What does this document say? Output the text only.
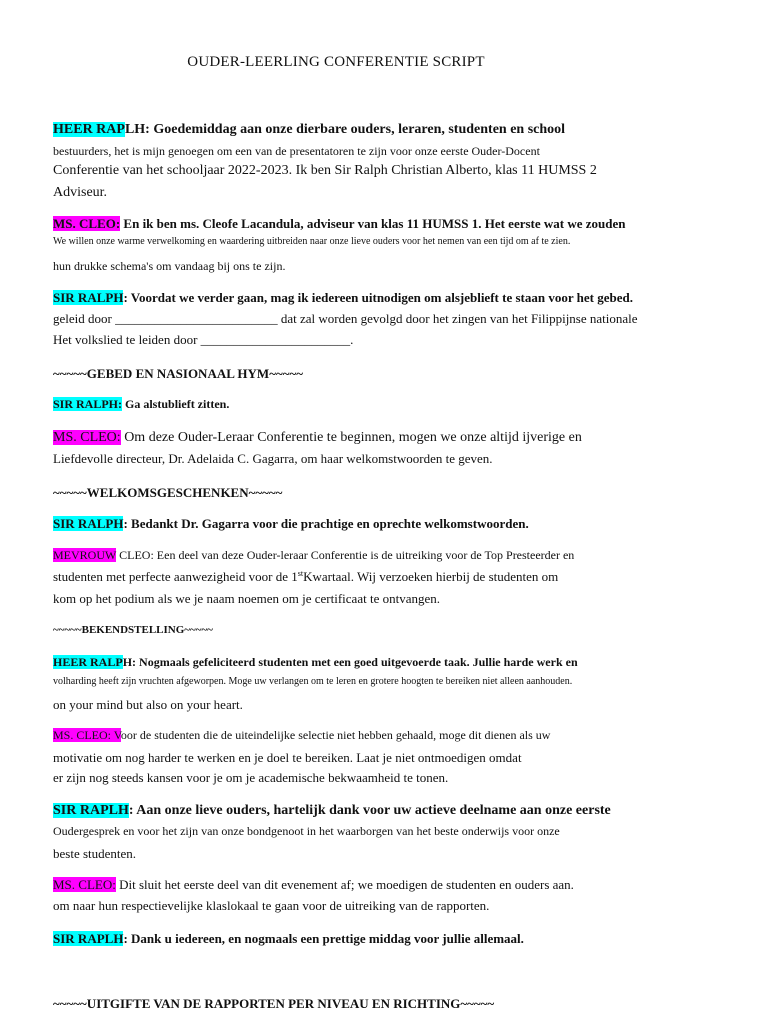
OUDER-LEERLING CONFERENTIE SCRIPT
HEER RAPLH: Goedemiddag aan onze dierbare ouders, leraren, studenten en school
bestuurders, het is mijn genoegen om een van de presentatoren te zijn voor onze eerste Ouder-Docent
Conferentie van het schooljaar 2022-2023. Ik ben Sir Ralph Christian Alberto, klas 11 HUMSS 2
Adviseur.
MS. CLEO: En ik ben ms. Cleofe Lacandula, adviseur van klas 11 HUMSS 1. Het eerste wat we zouden
We willen onze warme verwelkoming en waardering uitbreiden naar onze lieve ouders voor het nemen van een tijd om af te zien.
hun drukke schema's om vandaag bij ons te zijn.
SIR RALPH: Voordat we verder gaan, mag ik iedereen uitnodigen om alsjeblieft te staan voor het gebed.
geleid door _________________________ dat zal worden gevolgd door het zingen van het Filippijnse nationale
Het volkslied te leiden door _______________________.
~~~~~GEBED EN NASIONAAL HYM~~~~~
SIR RALPH: Ga alstublieft zitten.
MS. CLEO: Om deze Ouder-Leraar Conferentie te beginnen, mogen we onze altijd ijverige en
Liefdevolle directeur, Dr. Adelaida C. Gagarra, om haar welkomstwoorden te geven.
~~~~~WELKOMSGESCHENKEN~~~~~
SIR RALPH: Bedankt Dr. Gagarra voor die prachtige en oprechte welkomstwoorden.
MEVROUW CLEO: Een deel van deze Ouder-leraar Conferentie is de uitreiking voor de Top Presteerder en
studenten met perfecte aanwezigheid voor de 1stKwartaal. Wij verzoeken hierbij de studenten om
kom op het podium als we je naam noemen om je certificaat te ontvangen.
~~~~~BEKENDSTELLING~~~~~
HEER RALPH: Nogmaals gefeliciteerd studenten met een goed uitgevoerde taak. Jullie harde werk en
volharding heeft zijn vruchten afgeworpen. Moge uw verlangen om te leren en grotere hoogten te bereiken niet alleen aanhouden.
on your mind but also on your heart.
MS. CLEO: Voor de studenten die de uiteindelijke selectie niet hebben gehaald, moge dit dienen als uw
motivatie om nog harder te werken en je doel te bereiken. Laat je niet ontmoedigen omdat
er zijn nog steeds kansen voor je om je academische bekwaamheid te tonen.
SIR RAPLH: Aan onze lieve ouders, hartelijk dank voor uw actieve deelname aan onze eerste
Oudergesprek en voor het zijn van onze bondgenoot in het waarborgen van het beste onderwijs voor onze
beste studenten.
MS. CLEO: Dit sluit het eerste deel van dit evenement af; we moedigen de studenten en ouders aan.
om naar hun respectievelijke klaslokaal te gaan voor de uitreiking van de rapporten.
SIR RAPLH: Dank u iedereen, en nogmaals een prettige middag voor jullie allemaal.
~~~~~UITGIFTE VAN DE RAPPORTEN PER NIVEAU EN RICHTING~~~~~
